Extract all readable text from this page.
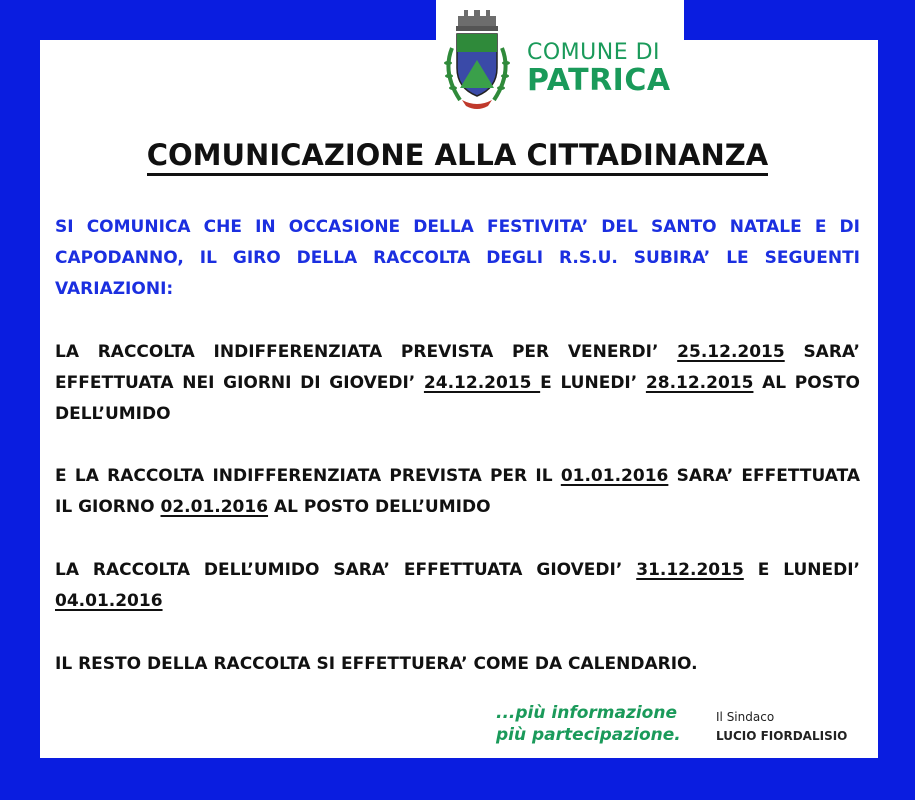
COMUNE DI
PATRICA
COMUNICAZIONE ALLA CITTADINANZA
SI COMUNICA CHE IN OCCASIONE DELLA FESTIVITA’ DEL SANTO NATALE E DI CAPODANNO, IL GIRO DELLA RACCOLTA DEGLI R.S.U. SUBIRA’ LE SEGUENTI VARIAZIONI:
LA RACCOLTA INDIFFERENZIATA PREVISTA PER VENERDI’ 25.12.2015 SARA’ EFFETTUATA NEI GIORNI DI GIOVEDI’ 24.12.2015 E LUNEDI’ 28.12.2015 AL POSTO DELL’UMIDO
E LA RACCOLTA INDIFFERENZIATA PREVISTA PER IL 01.01.2016 SARA’ EFFETTUATA IL GIORNO 02.01.2016 AL POSTO DELL’UMIDO
LA RACCOLTA DELL’UMIDO SARA’ EFFETTUATA GIOVEDI’ 31.12.2015 E LUNEDI’ 04.01.2016
IL RESTO DELLA RACCOLTA SI EFFETTUERA’ COME DA CALENDARIO.
...più informazione
più partecipazione.
Il Sindaco
LUCIO FIORDALISIO
